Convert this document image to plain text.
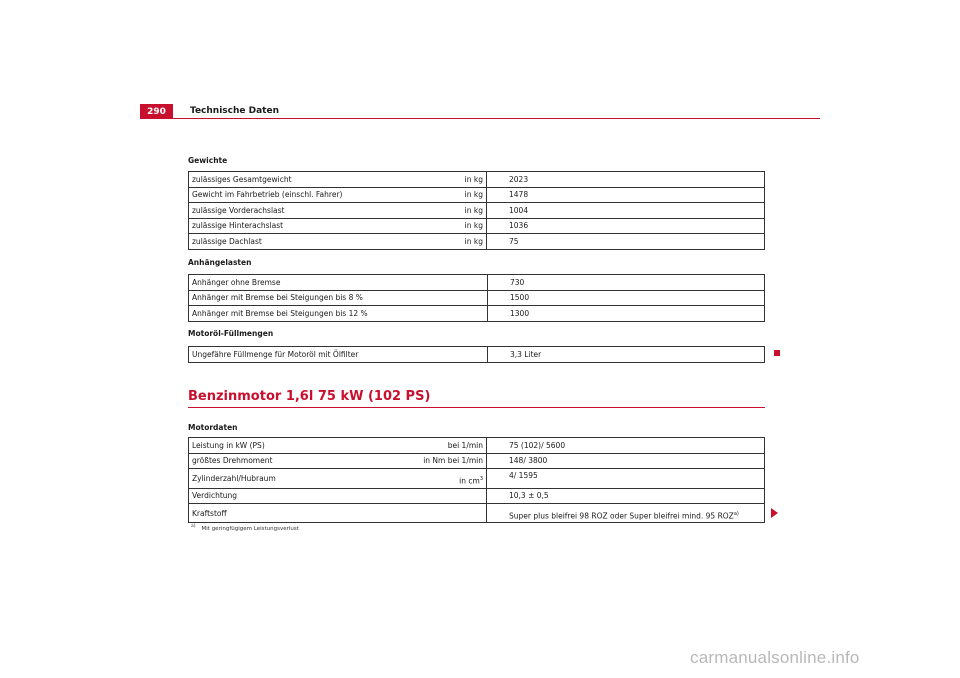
290	Technische Daten
Gewichte
zulässiges Gesamtgewicht	in kg	2023
Gewicht im Fahrbetrieb (einschl. Fahrer)	in kg	1478
zulässige Vorderachslast	in kg	1004
zulässige Hinterachslast	in kg	1036
zulässige Dachlast	in kg	75
Anhängelasten
Anhänger ohne Bremse	730
Anhänger mit Bremse bei Steigungen bis 8 %	1500
Anhänger mit Bremse bei Steigungen bis 12 %	1300
Motoröl-Füllmengen
Ungefähre Füllmenge für Motoröl mit Ölfilter	3,3 Liter
Benzinmotor 1,6l 75 kW (102 PS)
Motordaten
Leistung in kW (PS)	bei 1/min	75 (102)/ 5600
größtes Drehmoment	in Nm bei 1/min	148/ 3800
Zylinderzahl/Hubraum	in $cm^3$	4/ 1595
Verdichtung		10,3 ± 0,5
Kraftstoff		Super plus bleifrei 98 ROZ oder Super bleifrei mind. 95 ROZ$^{a)}$
$^{a)}$ Mit geringfügigem Leistungsverlust
carmanualsonline.info
